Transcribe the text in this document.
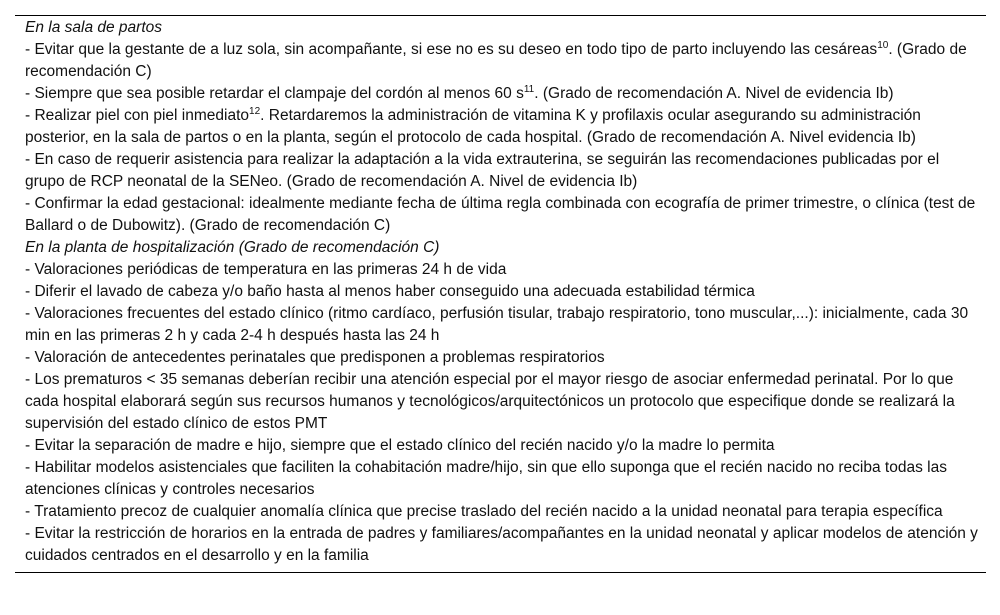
En la sala de partos
- Evitar que la gestante de a luz sola, sin acompañante, si ese no es su deseo en todo tipo de parto incluyendo las cesáreas$^{10}$. (Grado de recomendación C)
- Siempre que sea posible retardar el clampaje del cordón al menos 60 $s^{11}$. (Grado de recomendación A. Nivel de evidencia Ib)
- Realizar piel con piel inmediato$^{12}$. Retardaremos la administración de vitamina K y profilaxis ocular asegurando su administración posterior, en la sala de partos o en la planta, según el protocolo de cada hospital. (Grado de recomendación A. Nivel evidencia Ib)
- En caso de requerir asistencia para realizar la adaptación a la vida extrauterina, se seguirán las recomendaciones publicadas por el grupo de RCP neonatal de la SENeo. (Grado de recomendación A. Nivel de evidencia Ib)
- Confirmar la edad gestacional: idealmente mediante fecha de última regla combinada con ecografía de primer trimestre, o clínica (test de Ballard o de Dubowitz). (Grado de recomendación C)
En la planta de hospitalización (Grado de recomendación C)
- Valoraciones periódicas de temperatura en las primeras 24 h de vida
- Diferir el lavado de cabeza y/o baño hasta al menos haber conseguido una adecuada estabilidad térmica
- Valoraciones frecuentes del estado clínico (ritmo cardíaco, perfusión tisular, trabajo respiratorio, tono muscular,...): inicialmente, cada 30 min en las primeras 2 h y cada 2-4 h después hasta las 24 h
- Valoración de antecedentes perinatales que predisponen a problemas respiratorios
- Los prematuros < 35 semanas deberían recibir una atención especial por el mayor riesgo de asociar enfermedad perinatal. Por lo que cada hospital elaborará según sus recursos humanos y tecnológicos/arquitectónicos un protocolo que especifique donde se realizará la supervisión del estado clínico de estos PMT
- Evitar la separación de madre e hijo, siempre que el estado clínico del recién nacido y/o la madre lo permita
- Habilitar modelos asistenciales que faciliten la cohabitación madre/hijo, sin que ello suponga que el recién nacido no reciba todas las atenciones clínicas y controles necesarios
- Tratamiento precoz de cualquier anomalía clínica que precise traslado del recién nacido a la unidad neonatal para terapia específica
- Evitar la restricción de horarios en la entrada de padres y familiares/acompañantes en la unidad neonatal y aplicar modelos de atención y cuidados centrados en el desarrollo y en la familia
